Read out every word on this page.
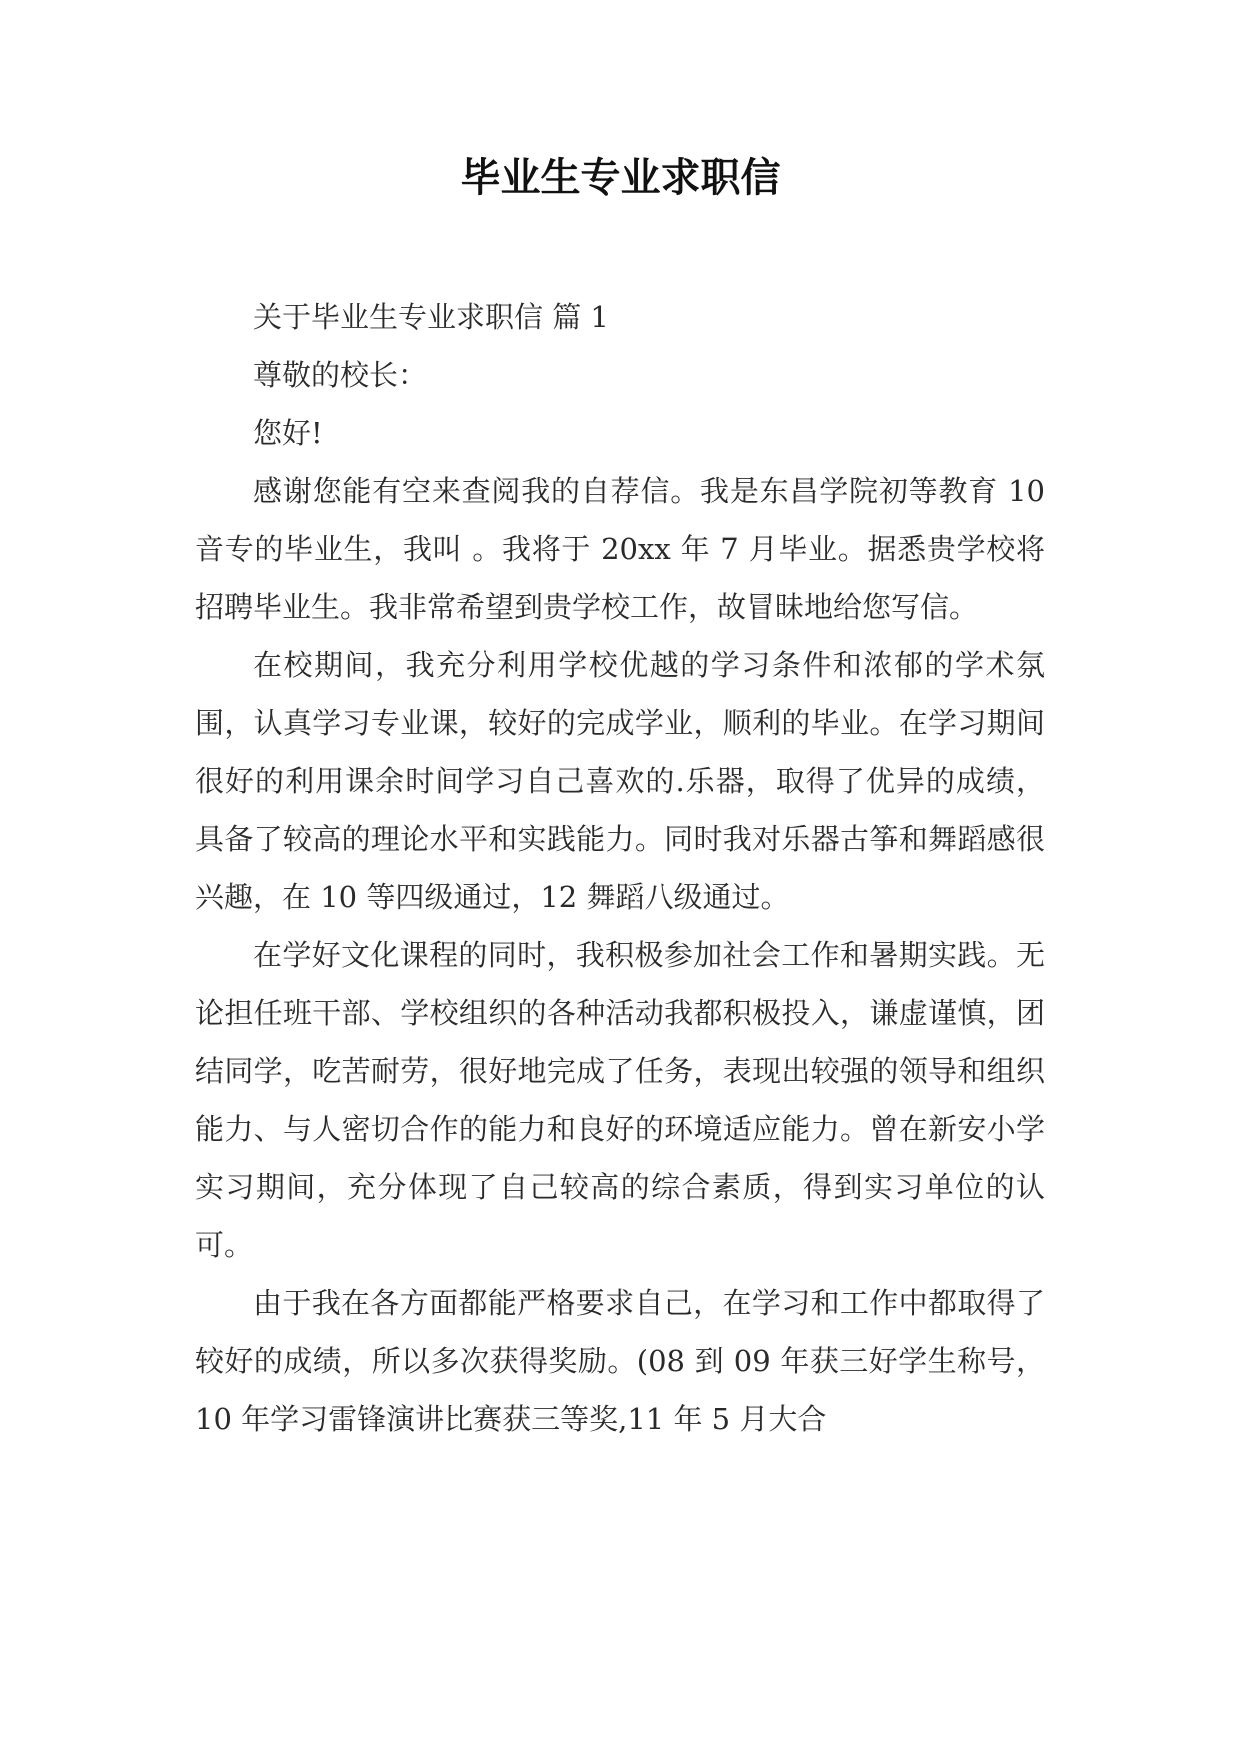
毕业生专业求职信

关于毕业生专业求职信 篇 1

尊敬的校长：

您好!

感谢您能有空来查阅我的自荐信。我是东昌学院初等教育 10 音专的毕业生，我叫 。我将于 20xx 年 7 月毕业。据悉贵学校将招聘毕业生。我非常希望到贵学校工作，故冒昧地给您写信。

在校期间，我充分利用学校优越的学习条件和浓郁的学术氛围，认真学习专业课，较好的完成学业，顺利的毕业。在学习期间很好的利用课余时间学习自己喜欢的.乐器，取得了优异的成绩，具备了较高的理论水平和实践能力。同时我对乐器古筝和舞蹈感很兴趣，在 10 等四级通过，12 舞蹈八级通过。

在学好文化课程的同时，我积极参加社会工作和暑期实践。无论担任班干部、学校组织的各种活动我都积极投入，谦虚谨慎，团结同学，吃苦耐劳，很好地完成了任务，表现出较强的领导和组织能力、与人密切合作的能力和良好的环境适应能力。曾在新安小学实习期间，充分体现了自己较高的综合素质，得到实习单位的认可。

由于我在各方面都能严格要求自己，在学习和工作中都取得了较好的成绩，所以多次获得奖励。(08 到 09 年获三好学生称号，10 年学习雷锋演讲比赛获三等奖,11 年 5 月大合
